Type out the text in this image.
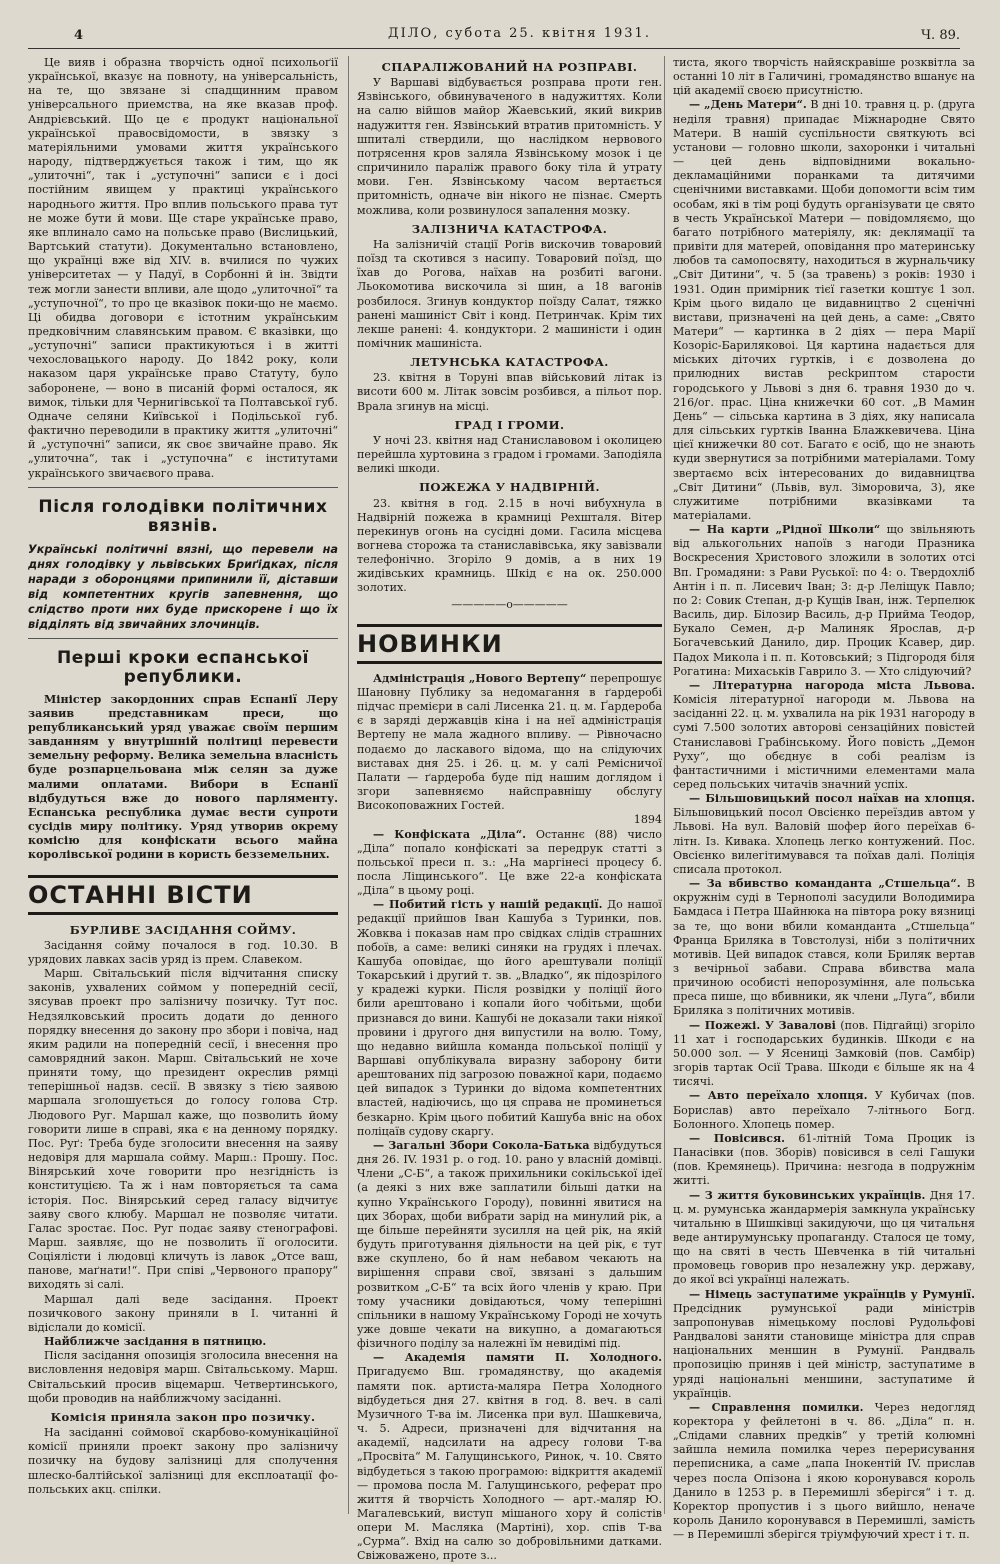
4	ДІЛО, субота 25. квітня 1931.	Ч. 89.

Це вияв і образна творчість одної психольоґії української, вказує на повноту, на універсальність, на те, що звязане зі спадщинним правом універсального приемства, на яке вказав проф. Андрієвський. Що це є продукт національної української правосвідомости, в звязку з матеріяльними умовами життя українського народу, підтверджується також і тим, що як „улиточні“, так і „уступочні“ записи є і досі постійним явищем у практиці українського народнього життя. Про вплив польського права тут не може бути й мови. Ще старе українське право, яке вплинало само на польське право (Вислицький, Вартський статути). Документально встановлено, що українці вже від XIV. в. вчилися по чужих університетах — у Падуї, в Сорбонні й ін. Звідти теж могли занести впливи, але щодо „улиточної“ та „уступочної“, то про це вказівок поки-що не маємо. Ці обидва договори є істотним українським предковічним славянським правом. Є вказівки, що „уступочні“ записи практикуються і в житті чехословацького народу. До 1842 року, коли наказом царя українське право Статуту, було заборонене, — воно в писаній формі осталося, як вимок, тільки для Чернигівської та Полтавської губ. Одначе селяни Київської і Подільської губ. фактично переводили в практику життя „улиточні“ й „уступочні“ записи, як своє звичайне право. Як „улиточна“, так і „уступочна“ є інститутами українського звичаєвого права.

Після голодівки політичних вязнів.
Українські політичні вязні, що перевели на днях голодівку у львівських Бриґідках, після наради з оборонцями припинили її, діставши від компетентних кругів запевнення, що слідство проти них буде прискорене і що їх відділять від звичайних злочинців.
Перші кроки еспанської републики.

Міністер закордонних справ Еспанії Леру заявив представникам преси, що републиканський уряд уважає своїм першим завданням у внутрішній політиці перевести земельну реформу. Велика земельна власність буде розпарцельована між селян за дуже малими оплатами. Вибори в Еспанії відбудуться вже до нового парляменту. Еспанська республика думає вести супроти сусідів миру політику. Уряд утворив окрему комісію для конфіскати всього майна королівської родини в користь безземельних.

ОСТАННІ ВІСТИ
БУРЛИВЕ ЗАСІДАННЯ СОЙМУ.

Засідання сойму почалося в год. 10.30. В урядових лавках засів уряд із прем. Славеком.

Марш. Світальський після відчитання списку законів, ухвалених соймом у попередній сесії, зясував проект про залізничу позичку. Тут пос. Недзялковський просить додати до денного порядку внесення до закону про збори і повіча, над яким радили на попередній сесії, і внесення про самоврядний закон. Марш. Світальський не хоче приняти тому, що президент окреслив рямці теперішньої надзв. сесії. В звязку з тією заявою маршала зголошується до голосу голова Стр. Людового Руг. Маршал каже, що позволить йому говорити лише в справі, яка є на денному порядку. Пос. Руґ: Треба буде зголосити внесення на заяву недовіря для маршала сойму. Марш.: Прошу. Пос. Вінярський хоче говорити про незгідність із конституцією. Та ж і нам повторяється та сама історія. Пос. Вінярський серед галасу відчитує заяву свого клюбу. Маршал не позволяє читати. Галас зростає. Пос. Руг подає заяву стенографові. Марш. заявляє, що не позволить її оголосити. Соціялісти і людовці кличуть із лавок „Отсе ваш, панове, маґнати!“. При співі „Червоного прапору“ виходять зі салі.

Маршал далі веде засідання. Проект позичкового закону приняли в I. читанні й відіслали до комісії.

Найближче засідання в пятницю.

Після засідання опозиція зголосила внесення на висловлення недовіря марш. Світальському. Марш. Світальський просив віцемарш. Четвертинського, щоби проводив на найближчому засіданні.

Комісія приняла закон про позичку.

На засіданні соймової скарбово-комунікаційної комісії приняли проект закону про залізничу позичку на будову залізниці для сполучення шлеско-балтійської залізниці для експлоатації фо-польських акц. спілки.

СПАРАЛІЖОВАНИЙ НА РОЗПРАВІ.

У Варшаві відбувається розправа проти ген. Язвінського, обвинуваченого в надужиттях. Коли на салю війшов майор Жаевський, який викрив надужиття ген. Язвінський втратив притомність. У шпиталі ствердили, що наслідком нервового потрясення кров заляла Язвінському мозок і це спричинило параліж правого боку тіла й утрату мови. Ген. Язвінському часом вертається притомність, одначе він нікого не пізнає. Смерть можлива, коли розвинулося запалення мозку.

ЗАЛІЗНИЧА КАТАСТРОФА.

На залізничій стації Рогів вискочив товаровий поїзд та скотився з насипу. Товаровий поїзд, що їхав до Рогова, наїхав на розбиті вагони. Льокомотива вискочила зі шин, а 18 вагонів розбилося. Згинув кондуктор поїзду Салат, тяжко ранені машиніст Світ і конд. Петринчак. Крім тих лекше ранені: 4. кондуктори. 2 машиністи і один помічник машиніста.

ЛЕТУНСЬКА КАТАСТРОФА.

23. квітня в Торуні впав військовий літак із висоти 600 м. Літак зовсім розбився, а пільот пор. Врала згинув на місці.

ГРАД І ГРОМИ.

У ночі 23. квітня над Станиславовом і околицею перейшла хуртовина з градом і громами. Заподіяла великі шкоди.

ПОЖЕЖА У НАДВІРНІЙ.

23. квітня в год. 2.15 в ночі вибухнула в Надвірній пожежа в крамниці Рехшталя. Вітер перекинув огонь на сусідні доми. Гасила місцева вогнева сторожа та станиславівська, яку завізвали телефонічно. Згоріло 9 домів, а в них 19 жидівських крамниць. Шкід є на ок. 250.000 золотих.

—————o—————
НОВИНКИ

Адміністрація „Нового Вертепу“ перепрошує Шановну Публику за недомагання в ґардеробі підчас премієри в салі Лисенка 21. ц. м. Ґардероба є в заряді державців кіна і на неї адміністрація Вертепу не мала жадного впливу. — Рівночасно подаємо до ласкавого відома, що на слідуючих виставах дня 25. і 26. ц. м. у салі Ремісничої Палати — ґардероба буде під нашим доглядом і згори запевняємо найсправнішу обслугу Високоповажних Гостей.

1894

— Конфіската „Діла“. Останнє (88) число „Діла“ попало конфіскаті за передрук статті з польської преси п. з.: „На маргінесі процесу б. посла Ліщинського“. Це вже 22-а конфіската „Діла“ в цьому році.

— Побитий гість у нашій редакції. До нашої редакції прийшов Іван Кашуба з Туринки, пов. Жовква і показав нам про свідках слідів страшних побоїв, а саме: великі синяки на грудях і плечах. Кашуба оповідає, що його арештували поліції Токарський і другий т. зв. „Владко“, як підозрілого у крадежі курки. Після розвідки у поліції його били арештовано і копали його чобітьми, щоби признався до вини. Кашубі не доказали таки ніякої провини і другого дня випустили на волю. Тому, що недавно вийшла команда польської поліції у Варшаві опублікувала виразну заборону бити арештованих під загрозою поважної кари, подаємо цей випадок з Туринки до відома компетентних властей, надіючись, що ця справа не проминеться безкарно. Крім цього побитий Кашуба вніс на обох поліцаїв судову скаргу.

— Загальні Збори Сокола-Батька відбудуться дня 26. IV. 1931 р. о год. 10. рано у власній домівці. Члени „С-Б“, а також прихильники сокільської ідеї (а деякі з них вже заплатили більші датки на купно Українського Городу), повинні явитися на цих Зборах, щоби вибрати зарід на минулий рік, а ще більше перейняти зусилля на цей рік, на якій будуть приготування діяльности на цей рік, є тут вже скуплено, бо й нам небавом чекають на вирішення справи свої, звязані з дальшим розвитком „С-Б“ та всіх його членів у краю. При тому учасники довідаються, чому теперішні спільники в нашому Українському Городі не хочуть уже довше чекати на викупно, а домагаються фізичного поділу за належні їм невидімі під.

— Академія памяти П. Холодного. Пригадуємо Вш. громадянству, що академія памяти пок. артиста-маляра Петра Холодного відбудеться дня 27. квітня в год. 8. веч. в салі Музичного Т-ва ім. Лисенка при вул. Шашкевича, ч. 5. Адреси, призначені для відчитання на академії, надсилати на адресу голови Т-ва „Просвіта“ М. Галущинського, Ринок, ч. 10. Свято відбудеться з такою програмою: відкриття академії — промова посла М. Галущинського, реферат про життя й творчість Холодного — арт.-маляр Ю. Магалевський, виступ мішаного хору й солістів опери М. Масляка (Мартіні), хор. спів Т-ва „Сурма“. Вхід на салю зо добровільними датками. Свіжоважено, проте з...

тиста, якого творчість найяскравіше розквітла за останні 10 літ в Галичині, громадянство вшанує на цій академії своєю присутністю.

— „День Матери“. В дні 10. травня ц. р. (друга неділя травня) припадає Міжнародне Свято Матери. В нашій суспільности святкують всі установи — головно школи, захоронки і читальні — цей день відповідними вокально-декламаційними поранками та дитячими сценічними виставками. Щоби допомогти всім тим особам, які в тім році будуть організувати це свято в честь Української Матери — повідомляємо, що багато потрібного матеріялу, як: деклямації та привіти для матерей, оповідання про материнську любов та самопосвяту, находиться в журнальчику „Світ Дитини“, ч. 5 (за травень) з років: 1930 і 1931. Один примірник тієї газетки коштує 1 зол. Крім цього видало це видавництво 2 сценічні вистави, призначені на цей день, а саме: „Свято Матери“ — картинка в 2 діях — пера Марії Козоріс-Бариляковоі. Ця картина надається для міських діточих гуртків, і є дозволена до прилюдних вистав ресkриптом старости городського у Львові з дня 6. травня 1930 до ч. 216/ог. прас. Ціна книжечки 60 сот. „В Мамин День“ — сільська картина в 3 діях, яку написала для сільських гуртків Іванна Блажкевичева. Ціна цієї книжечки 80 сот. Багато є осіб, що не знають куди звернутися за потрібними матеріалами. Тому звертаємо всіх інтересованих до видавництва „Світ Дитини“ (Львів, вул. Зіморовича, 3), яке служитиме потрібними вказівками та матеріалами.

— На карти „Рідної Школи“ що звільняють від алькогольних напоїв з нагоди Празника Воскресения Христового зложили в золотих отсі Вп. Громадяни: з Рави Руської: по 4: о. Твердохліб Антін і п. п. Лисевич Іван; 3: д-р Леліщук Павло; по 2: Совик Степан, д-р Кущів Іван, інж. Терпелюк Василь, дир. Білозир Василь, д-р Прийма Теодор, Букало Семен, д-р Малиняк Ярослав, д-р Богачевський Данило, дир. Процик Ксавер, дир. Падох Микола і п. п. Котовський; з Підгородя біля Рогатина: Михаськів Гаврило 3. — Хто слідуючий?

— Літературна нагорода міста Львова. Комісія літературної нагороди м. Львова на засіданні 22. ц. м. ухвалила на рік 1931 нагороду в сумі 7.500 золотих авторові сензаційних повістей Станиславові Грабінському. Його повість „Демон Руху“, що обєднує в собі реалізм із фантастичними і містичними елементами мала серед польських читачів значний успіх.

— Більшовицький посол наїхав на хлопця. Більшовицький посол Овсієнко переїздив автом у Львові. На вул. Валовій шофер його переїхав 6-літн. Із. Кивака. Хлопець легко контужений. Пос. Овсієнко вилегітимувався та поїхав далі. Поліція списала протокол.

— За вбивство команданта „Стшельца“. В окружнім суді в Тернополі засудили Володимира Бамдаса і Петра Шайнюка на півтора року вязниці за те, що вони вбили команданта „Стшельца“ Франца Бриляка в Товстолузі, ніби з політичних мотивів. Цей випадок стався, коли Бриляк вертав з вечірньої забави. Справа вбивства мала причиною особисті непорозуміння, але польська преса пише, що вбивники, як члени „Луга“, вбили Бриляка з політичних мотивів.

— Пожежі. У Заваловi (пов. Підгайці) згоріло 11 хат і господарських будинків. Шкоди є на 50.000 зол. — У Ясениці Замковій (пов. Самбір) згорів тартак Осії Трава. Шкоди є більше як на 4 тисячі.

— Авто переїхало хлопця. У Кубичах (пов. Борислав) авто переїхало 7-літнього Богд. Болонного. Хлопець помер.

— Повісився. 61-літній Тома Процик із Панасівки (пов. Зборів) повісився в селі Гашуки (пов. Кремянець). Причина: незгода в подружнім житті.

— З життя буковинських українців. Дня 17. ц. м. румунська жандармерія замкнула українську читальню в Шишківці закидуючи, що ця читальня веде антирумунську пропаганду. Сталося це тому, що на святі в честь Шевченка в тій читальні промовець говорив про незалежну укр. державу, до якої всі українці належать.

— Німець заступатиме українців у Румунії. Предсідник румунської ради міністрів запропонував німецькому послові Рудольфові Рандвалові заняти становище міністра для справ національних меншин в Румунії. Рандваль пропозицію приняв і цей міністр, заступатиме в уряді національні меншини, заступатиме й українців.

— Справлення помилки. Через недогляд коректора у фейлетоні в ч. 86. „Діла“ п. н. „Слідами славних предків“ у третій колюмні зайшла немила помилка через перерисування переписника, а саме „папа Інокентій IV. прислав через посла Опізона і якою коронувався король Данило в 1253 р. в Перемишлі зберігся“ і т. д. Коректор пропустив і з цього вийшло, неначе король Данило коронувався в Перемишлі, замість — в Перемишлі зберігся тріумфуючий хрест і т. п.
